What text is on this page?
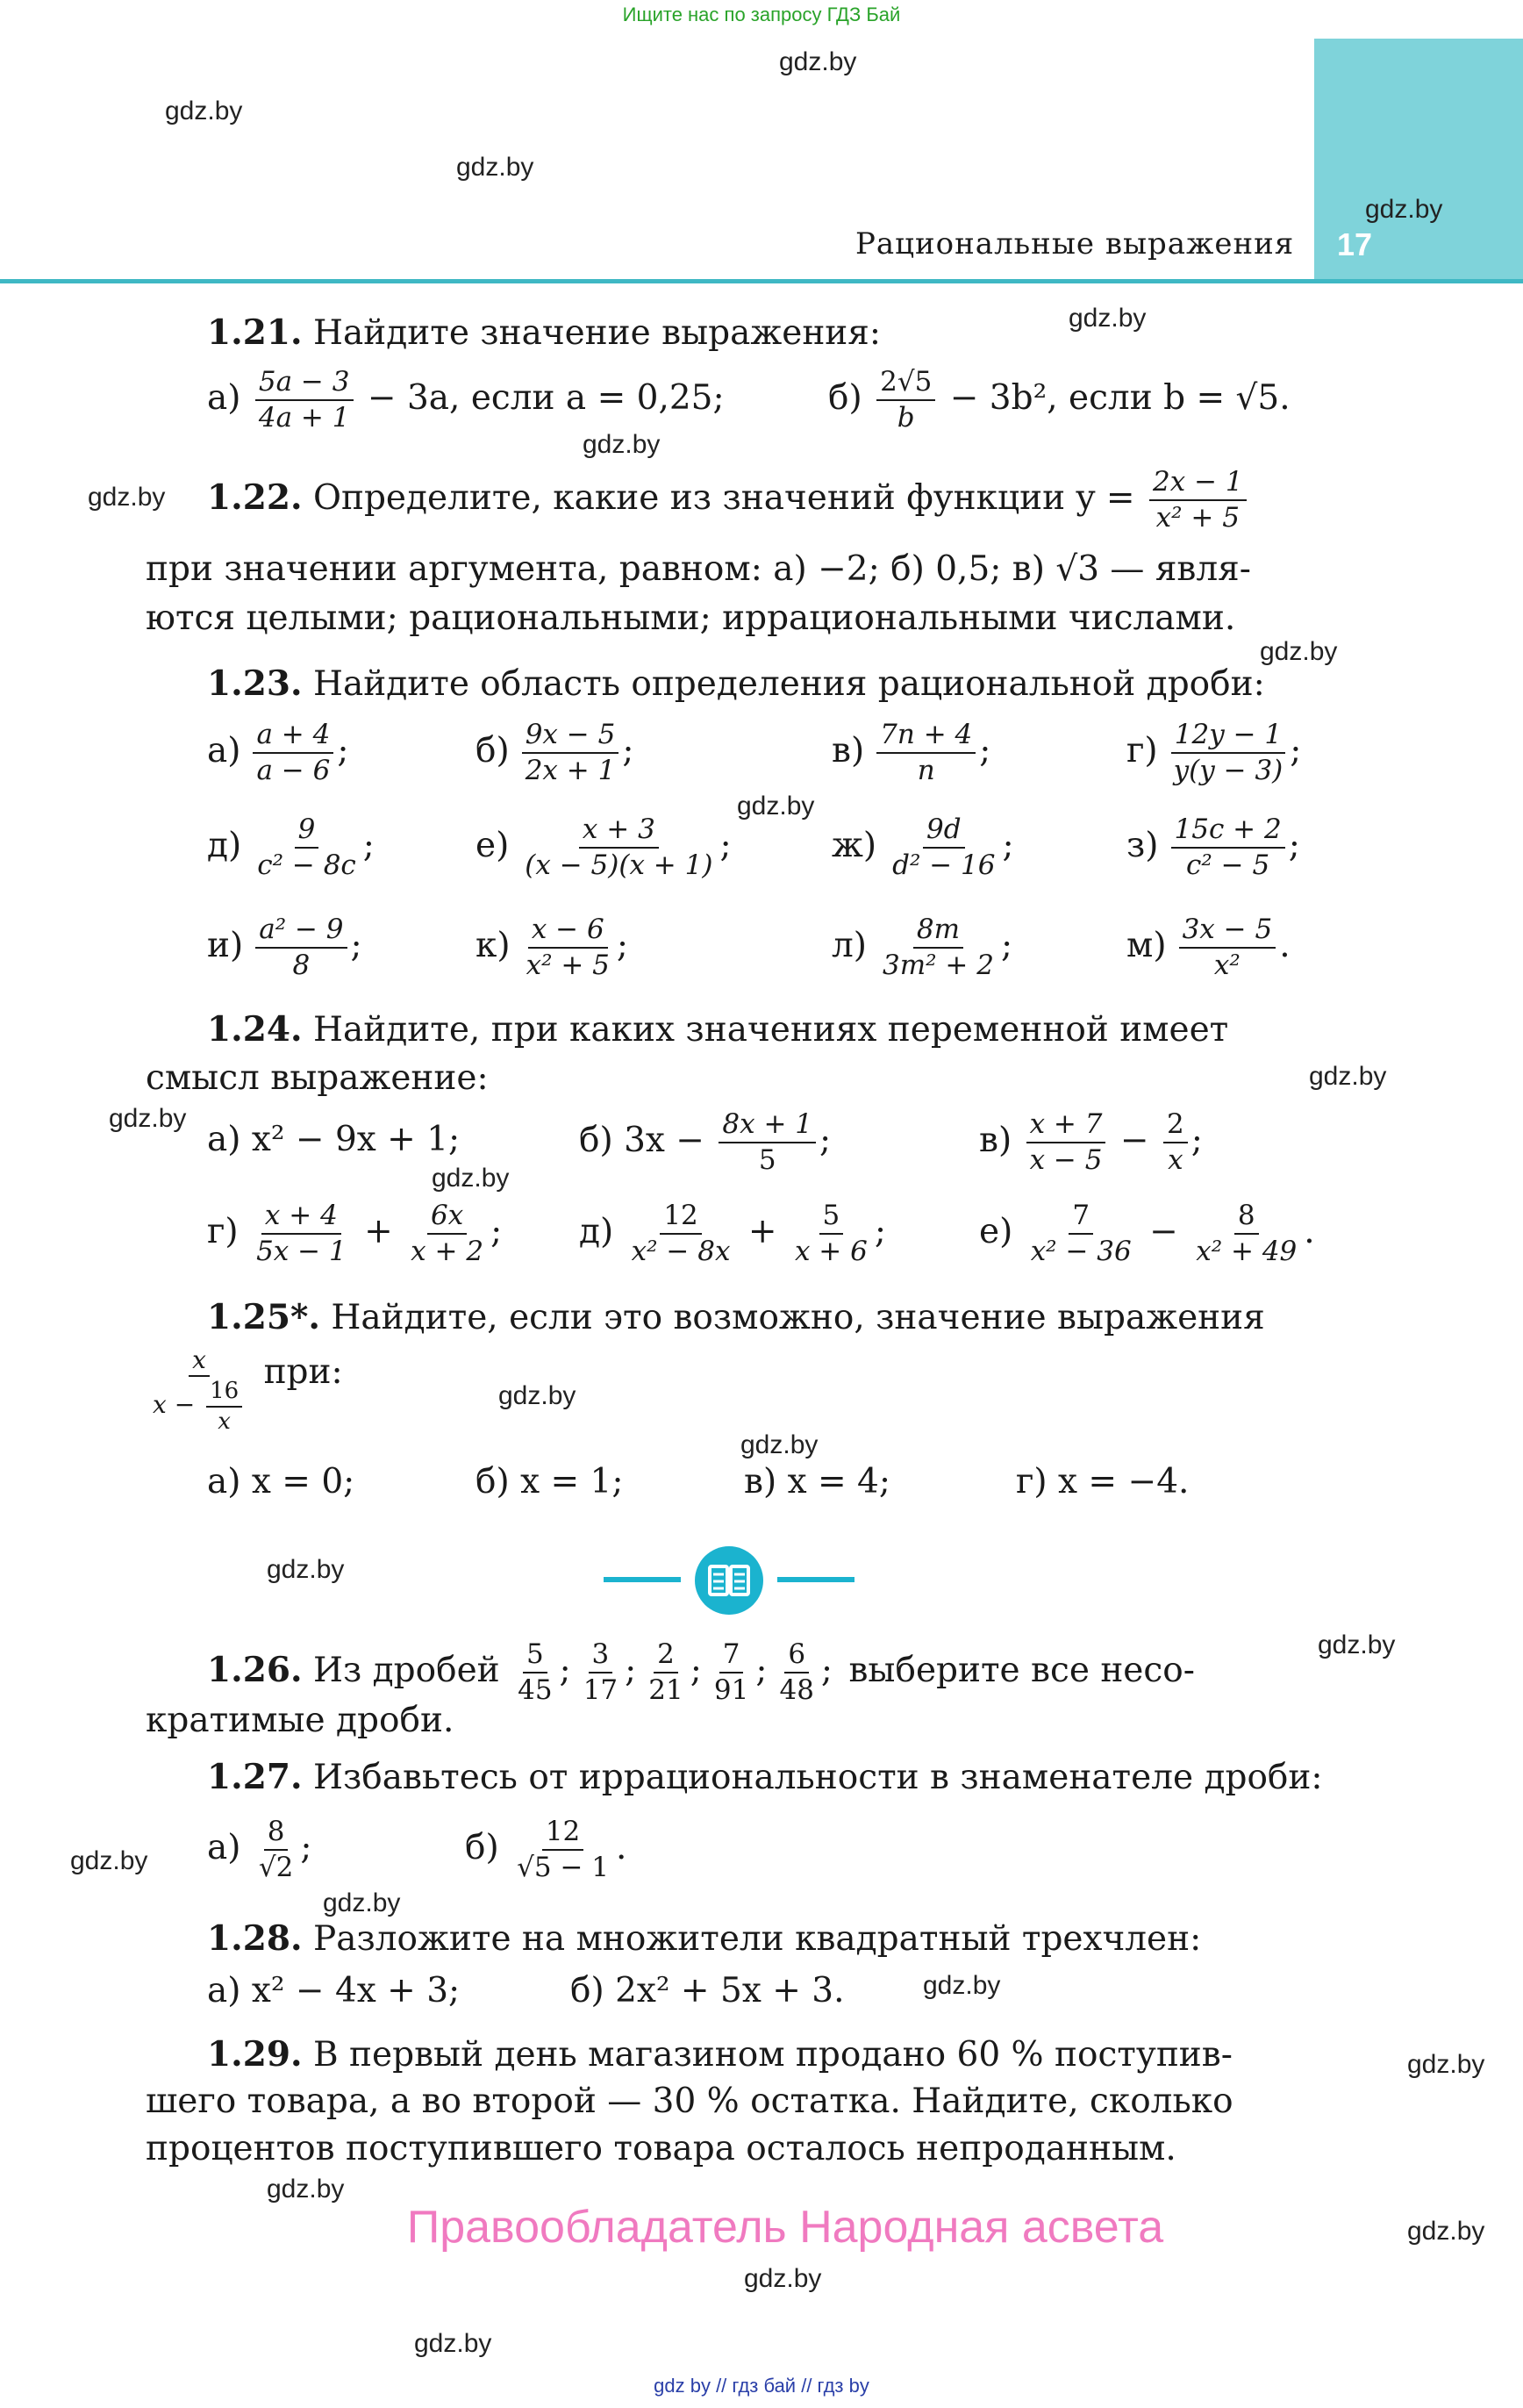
Ищите нас по запросу ГДЗ Бай
Рациональные выражения 17
gdz.by
gdz.by
gdz.by
gdz.by
gdz.by
gdz.by
gdz.by
gdz.by
gdz.by
gdz.by
gdz.by
gdz.by
gdz.by
gdz.by
gdz.by
gdz.by
gdz.by
gdz.by
gdz.by
gdz.by
gdz.by
gdz.by
gdz.by
gdz.by
1.21. Найдите значение выражения:
$а) \frac{5a - 3}{4a + 1} - 3a$, если a = 0,25;	$б) \frac{2√5}{b} - 3b^2$, если b = √5.
1.22. Определите, какие из значений функции $y = \frac{2x - 1}{\text{x² + 5}}$
при значении аргумента, равном: а) −2; б) 0,5; в) √3 — явля-
ются целыми; рациональными; иррациональными числами.
1.23. Найдите область определения рациональной дроби:
$а) \frac{a + 4}{a - 6}$ ;	$б) \frac{9x - 5}{2x + 1}$ ;	$в) \frac{7n + 4}{n}$ ;	$г) \frac{12y - 1}{y(y - 3)}$ ;
$д) \frac{9}{\text{c² − 8c}}$ ;	$е) \frac{x + 3}{(x - 5)(x + 1)}$ ;	$ж) \frac{9d}{\text{d² − 16}}$ ;	$з) \frac{15c + 2}{\text{c² − 5}}$ ;
$и) \frac{\text{a² − 9}}{8}$ ;	$к) \frac{x - 6}{\text{x² + 5}}$ ;	$л) \frac{8m}{\text{3m² + 2}}$ ;	$м) \frac{3x - 5}{\text{x²}}$ .
1.24. Найдите, при каких значениях переменной имеет
смысл выражение:
а) x² − 9x + 1;	б) $3x - \frac{8x + 1}{5}$ ;	$в) \frac{x + 7}{x - 5} - \frac{2}{x}$ ;
$г) \frac{x + 4}{5x - 1} + \frac{6x}{x + 2}$ ; $д) \frac{12}{\text{x² − 8x}} + \frac{5}{x + 6}$ ;	$е) \frac{7}{\text{x² − 36}} - \frac{8}{\text{x² + 49}}$ .
1.25*. Найдите, если это возможно, значение выражения
$\frac{x}{x - \frac{16}{x}}$ при:
а) x = 0;	б) x = 1;	в) x = 4;	г) x = −4.
1.26. Из дробей $\frac{5}{45}$ ; $\frac{3}{17}$ ; $\frac{2}{21}$ ; $\frac{7}{91}$ ; $\frac{6}{48}$ ; выберите все несо-
кратимые дроби.
1.27. Избавьтесь от иррациональности в знаменателе дроби:
$а) \frac{8}{√2}$ ;	$б) \frac{12}{√5 - 1}$ .
1.28. Разложите на множители квадратный трехчлен:
а) x² − 4x + 3;	б) 2x² + 5x + 3.
1.29. В первый день магазином продано 60 % поступив-
шего товара, а во второй — 30 % остатка. Найдите, сколько
процентов поступившего товара осталось непроданным.
Правообладатель Народная асвета
gdz by // гдз бай // гдз by
